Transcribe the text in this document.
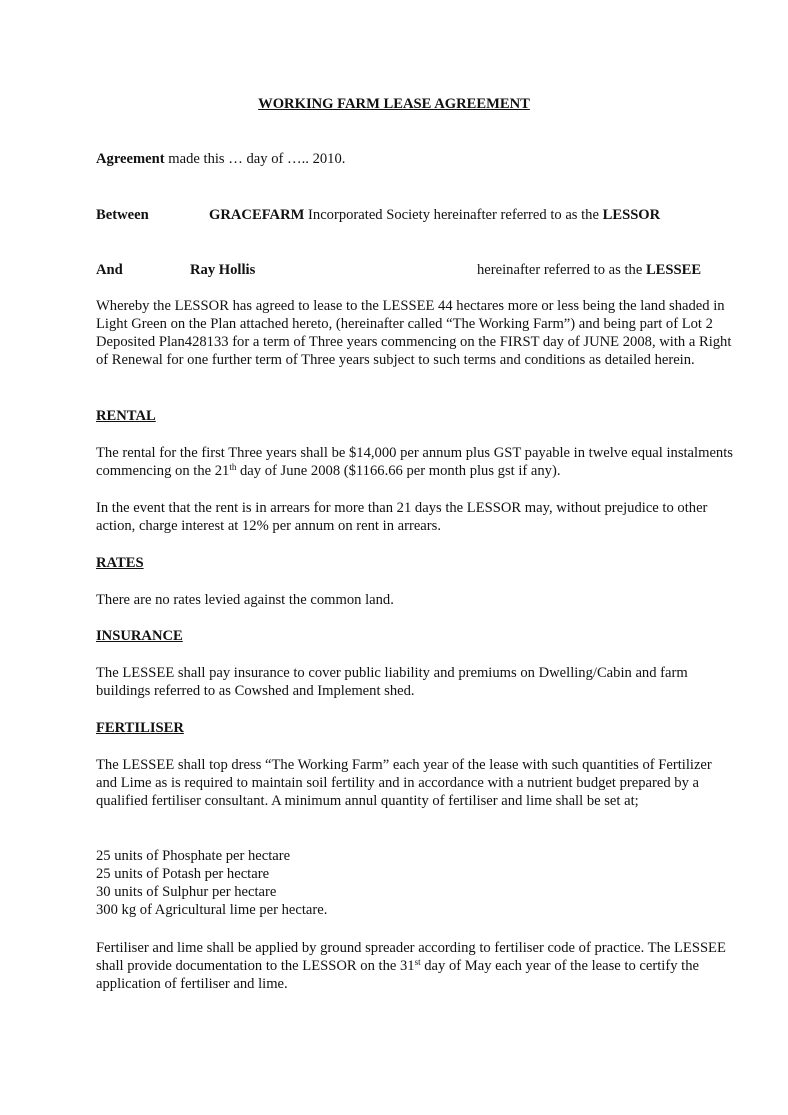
WORKING FARM LEASE AGREEMENT

Agreement made this … day of ….. 2010.

Between	GRACEFARM Incorporated Society hereinafter referred to as the LESSOR
And	Ray Hollis	hereinafter referred to as the LESSEE

Whereby the LESSOR has agreed to lease to the LESSEE 44 hectares more or less being the land shaded in Light Green on the Plan attached hereto, (hereinafter called “The Working Farm”) and being part of Lot 2 Deposited Plan428133 for a term of Three years commencing on the FIRST day of JUNE 2008, with a Right of Renewal for one further term of Three years subject to such terms and conditions as detailed herein.

RENTAL

The rental for the first Three years shall be $14,000 per annum plus GST payable in twelve equal instalments commencing on the 21th day of June 2008 ($1166.66 per month plus gst if any).

In the event that the rent is in arrears for more than 21 days the LESSOR may, without prejudice to other action, charge interest at 12% per annum on rent in arrears.

RATES

There are no rates levied against the common land.

INSURANCE

The LESSEE shall pay insurance to cover public liability and premiums on Dwelling/Cabin and farm buildings referred to as Cowshed and Implement shed.

FERTILISER

The LESSEE shall top dress “The Working Farm” each year of the lease with such quantities of Fertilizer and Lime as is required to maintain soil fertility and in accordance with a nutrient budget prepared by a qualified fertiliser consultant. A minimum annul quantity of fertiliser and lime shall be set at;

25 units of Phosphate per hectare
25 units of Potash per hectare
30 units of Sulphur per hectare
300 kg of Agricultural lime per hectare.

Fertiliser and lime shall be applied by ground spreader according to fertiliser code of practice. The LESSEE shall provide documentation to the LESSOR on the 31st day of May each year of the lease to certify the application of fertiliser and lime.
